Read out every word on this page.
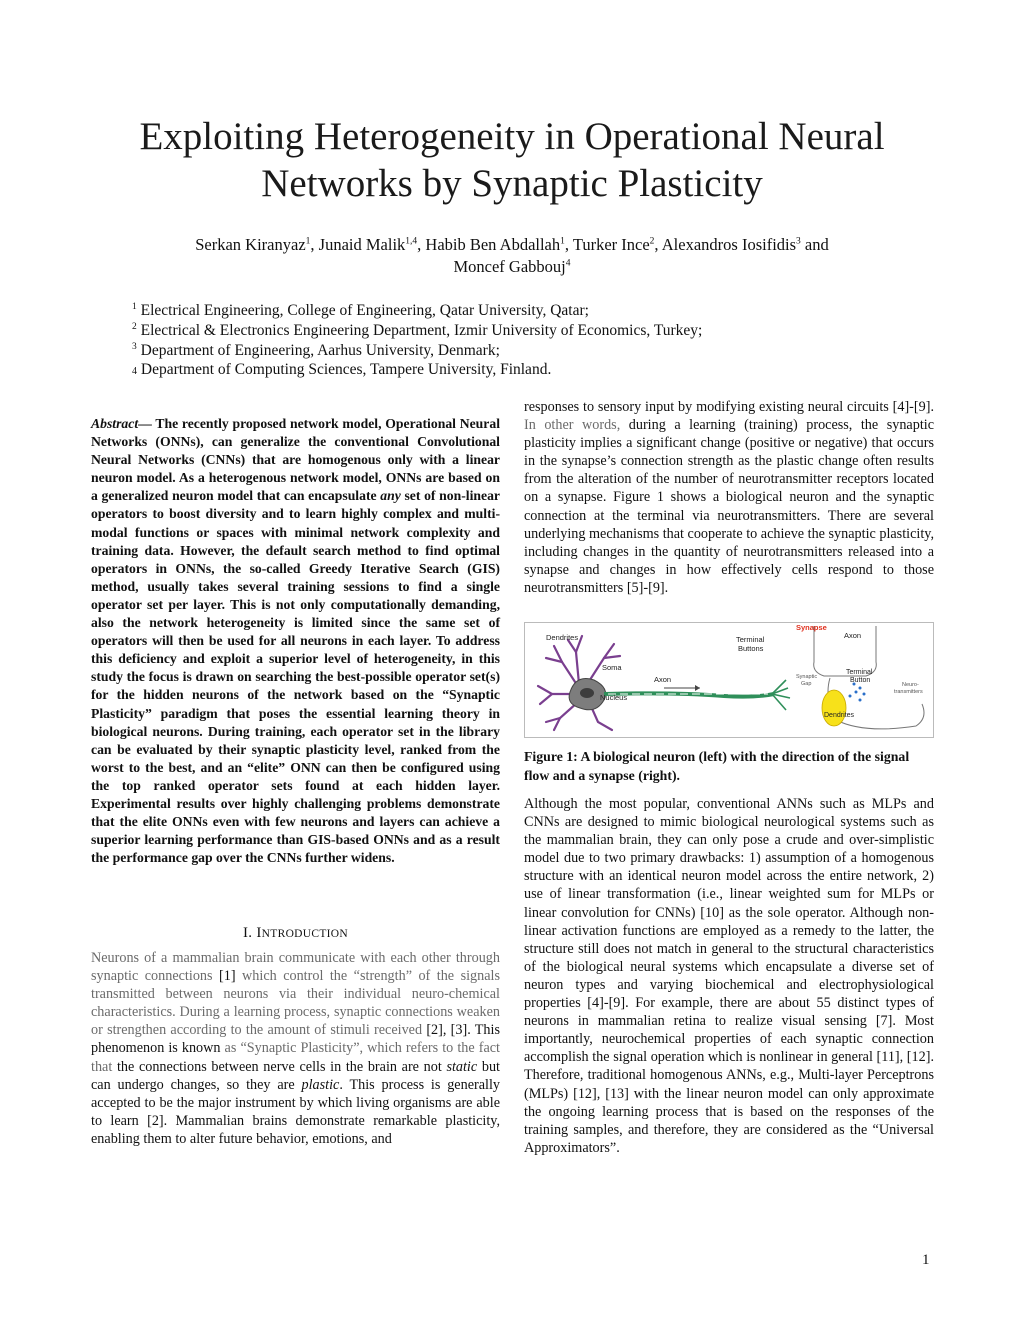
Exploiting Heterogeneity in Operational Neural
Networks by Synaptic Plasticity
Serkan Kiranyaz$^1$, Junaid Malik$^{1,4}$, Habib Ben Abdallah$^1$, Turker Ince$^2$, Alexandros Iosifidis$^3$ and
Moncef Gabbouj$^4$
$^1$ Electrical Engineering, College of Engineering, Qatar University, Qatar;
$^2$ Electrical & Electronics Engineering Department, Izmir University of Economics, Turkey;
$^3$ Department of Engineering, Aarhus University, Denmark;
4 Department of Computing Sciences, Tampere University, Finland.
Abstract— The recently proposed network model, Operational Neural Networks (ONNs), can generalize the conventional Convolutional Neural Networks (CNNs) that are homogenous only with a linear neuron model. As a heterogenous network model, ONNs are based on a generalized neuron model that can encapsulate any set of non-linear operators to boost diversity and to learn highly complex and multi-modal functions or spaces with minimal network complexity and training data. However, the default search method to find optimal operators in ONNs, the so-called Greedy Iterative Search (GIS) method, usually takes several training sessions to find a single operator set per layer. This is not only computationally demanding, also the network heterogeneity is limited since the same set of operators will then be used for all neurons in each layer. To address this deficiency and exploit a superior level of heterogeneity, in this study the focus is drawn on searching the best-possible operator set(s) for the hidden neurons of the network based on the “Synaptic Plasticity” paradigm that poses the essential learning theory in biological neurons. During training, each operator set in the library can be evaluated by their synaptic plasticity level, ranked from the worst to the best, and an “elite” ONN can then be configured using the top ranked operator sets found at each hidden layer. Experimental results over highly challenging problems demonstrate that the elite ONNs even with few neurons and layers can achieve a superior learning performance than GIS-based ONNs and as a result the performance gap over the CNNs further widens.
I. INTRODUCTION
Neurons of a mammalian brain communicate with each other through synaptic connections [1] which control the “strength” of the signals transmitted between neurons via their individual neuro-chemical characteristics. During a learning process, synaptic connections weaken or strengthen according to the amount of stimuli received [2], [3]. This phenomenon is known as “Synaptic Plasticity”, which refers to the fact that the connections between nerve cells in the brain are not static but can undergo changes, so they are plastic. This process is generally accepted to be the major instrument by which living organisms are able to learn [2]. Mammalian brains demonstrate remarkable plasticity, enabling them to alter future behavior, emotions, and
responses to sensory input by modifying existing neural circuits [4]-[9]. In other words, during a learning (training) process, the synaptic plasticity implies a significant change (positive or negative) that occurs in the synapse’s connection strength as the plastic change often results from the alteration of the number of neurotransmitter receptors located on a synapse. Figure 1 shows a biological neuron and the synaptic connection at the terminal via neurotransmitters. There are several underlying mechanisms that cooperate to achieve the synaptic plasticity, including changes in the quantity of neurotransmitters released into a synapse and changes in how effectively cells respond to those neurotransmitters [5]-[9].
Dendrites
Soma
Nucleus
Axon
Terminal
Buttons
Synapse
Axon
Synaptic
Gap
Terminal
Button
Neuro-
transmitters
Dendrites
Figure 1: A biological neuron (left) with the direction of the signal flow and a synapse (right).
Although the most popular, conventional ANNs such as MLPs and CNNs are designed to mimic biological neurological systems such as the mammalian brain, they can only pose a crude and over-simplistic model due to two primary drawbacks: 1) assumption of a homogenous structure with an identical neuron model across the entire network, 2) use of linear transformation (i.e., linear weighted sum for MLPs or linear convolution for CNNs) [10] as the sole operator. Although non-linear activation functions are employed as a remedy to the latter, the structure still does not match in general to the structural characteristics of the biological neural systems which encapsulate a diverse set of neuron types and varying biochemical and electrophysiological properties [4]-[9]. For example, there are about 55 distinct types of neurons in mammalian retina to realize visual sensing [7]. Most importantly, neurochemical properties of each synaptic connection accomplish the signal operation which is nonlinear in general [11], [12]. Therefore, traditional homogenous ANNs, e.g., Multi-layer Perceptrons (MLPs) [12], [13] with the linear neuron model can only approximate the ongoing learning process that is based on the responses of the training samples, and therefore, they are considered as the “Universal Approximators”.
1
